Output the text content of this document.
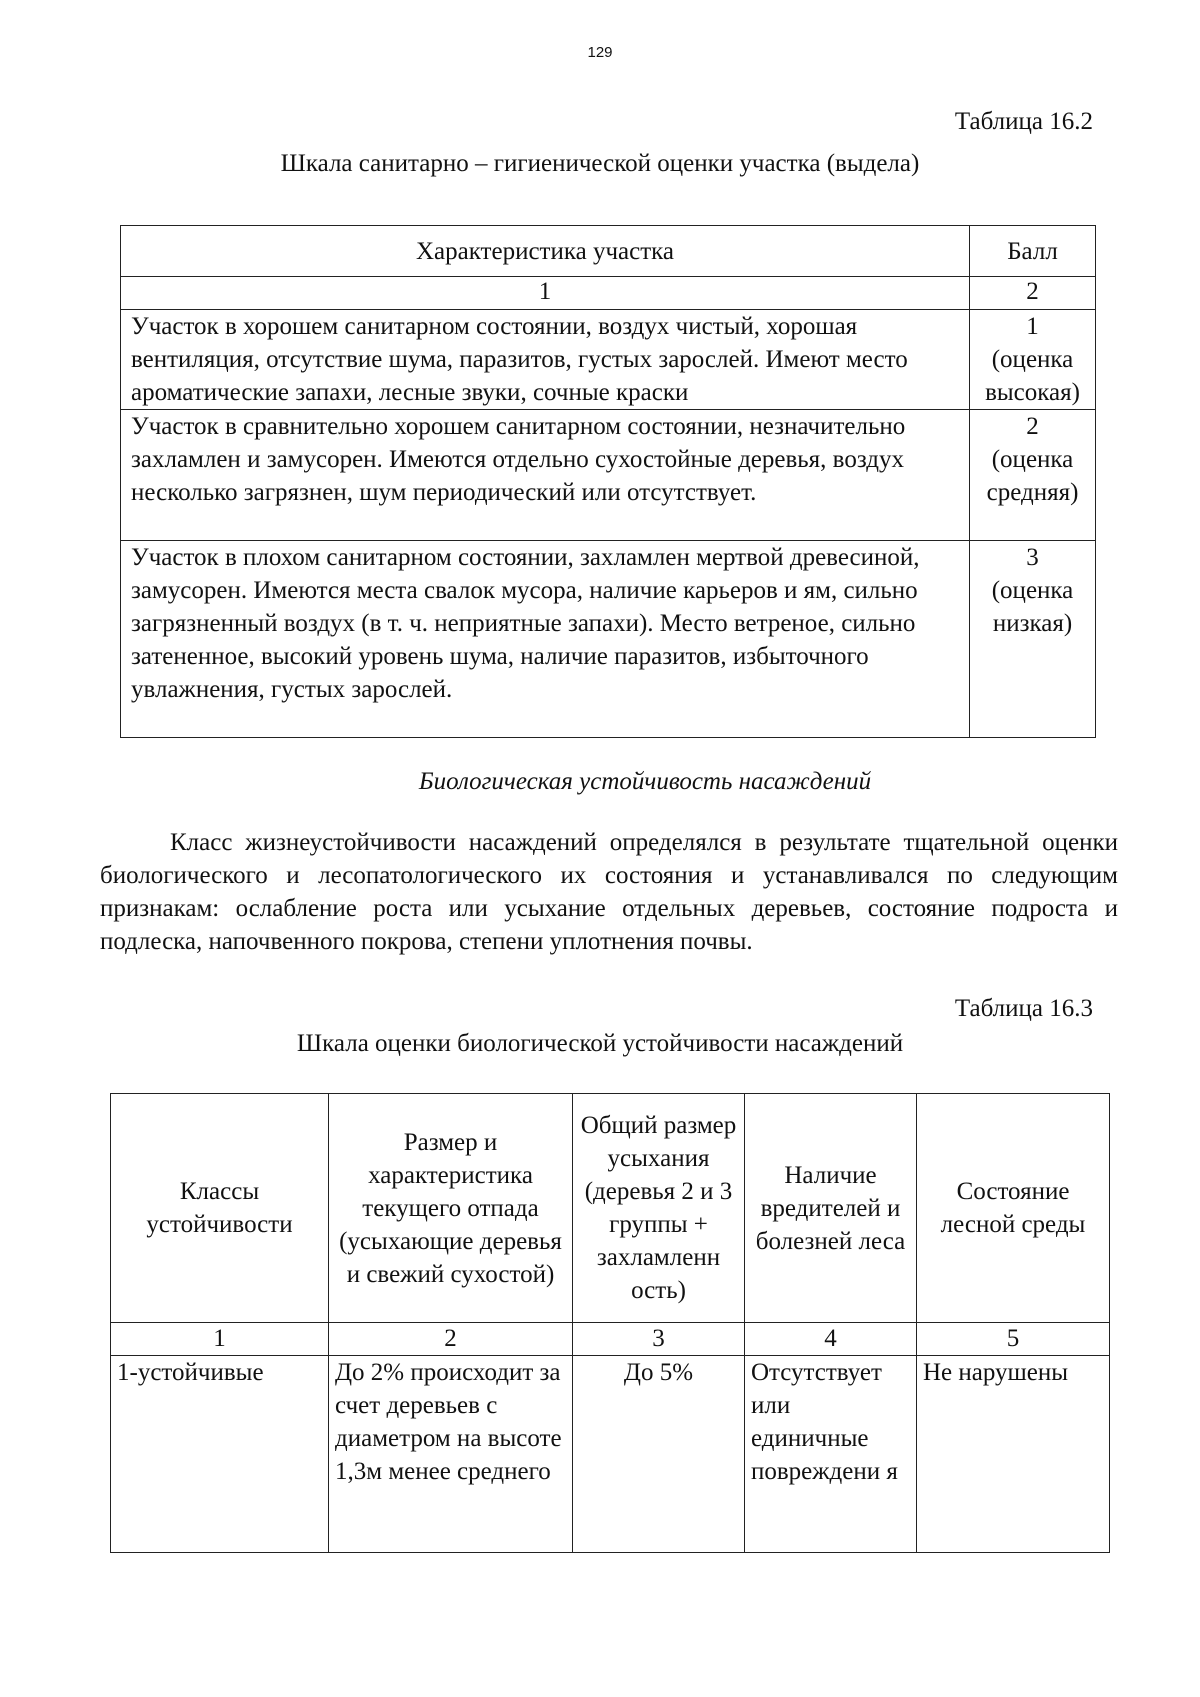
129
Таблица 16.2
Шкала санитарно – гигиенической оценки участка (выдела)
Характеристика участка	Балл
1	2
Участок в хорошем санитарном состоянии, воздух чистый, хорошая вентиляция, отсутствие шума, паразитов, густых зарослей. Имеют место ароматические запахи, лесные звуки, сочные краски	1
(оценка высокая)

Участок в сравнительно хорошем санитарном состоянии, незначительно захламлен и замусорен. Имеются отдельно сухостойные деревья, воздух несколько загрязнен, шум периодический или отсутствует.	2
(оценка средняя)

Участок в плохом санитарном состоянии, захламлен мертвой древесиной, замусорен. Имеются места свалок мусора, наличие карьеров и ям, сильно загрязненный воздух (в т. ч. неприятные запахи). Место ветреное, сильно затененное, высокий уровень шума, наличие паразитов, избыточного увлажнения, густых зарослей.	3
(оценка низкая)
Биологическая устойчивость насаждений
Класс жизнеустойчивости насаждений определялся в результате тщательной оценки биологического и лесопатологического их состояния и устанавливался по следующим признакам: ослабление роста или усыхание отдельных деревьев, состояние подроста и подлеска, напочвенного покрова, степени уплотнения почвы.
Таблица 16.3
Шкала оценки биологической устойчивости насаждений
Классы устойчивости	Размер и характеристика текущего отпада (усыхающие деревья и свежий сухостой)	Общий размер усыхания (деревья 2 и 3 группы + захламленн ость)	Наличие вредителей и болезней леса	Состояние лесной среды
1	2	3	4	5
1-устойчивые	До 2% происходит за счет деревьев с диаметром на высоте 1,3м менее среднего	До 5%	Отсутствует или единичные повреждени я	Не нарушены
